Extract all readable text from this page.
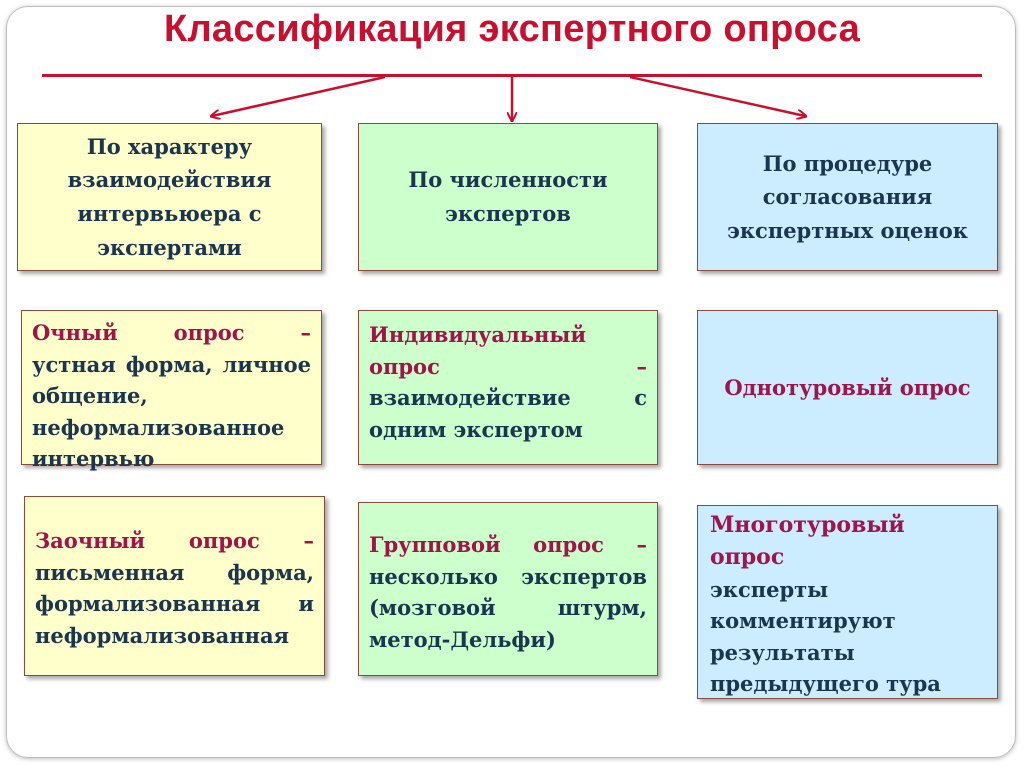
Классификация экспертного опроса
По характеру взаимодействия интервьюера с экспертами
Очный опрос	–
устная форма, личное общение, неформализованное интервью
Заочный опрос –
письменная форма, формализованная и неформализованная
По численности экспертов
Индивидуальный
опрос	–
взаимодействие с
одним экспертом
Групповой опрос –
несколько экспертов (мозговой штурм, метод-Дельфи)
По процедуре согласования экспертных оценок
Однотуровый опрос
Многотуровый опрос
эксперты комментируют результаты предыдущего тура
